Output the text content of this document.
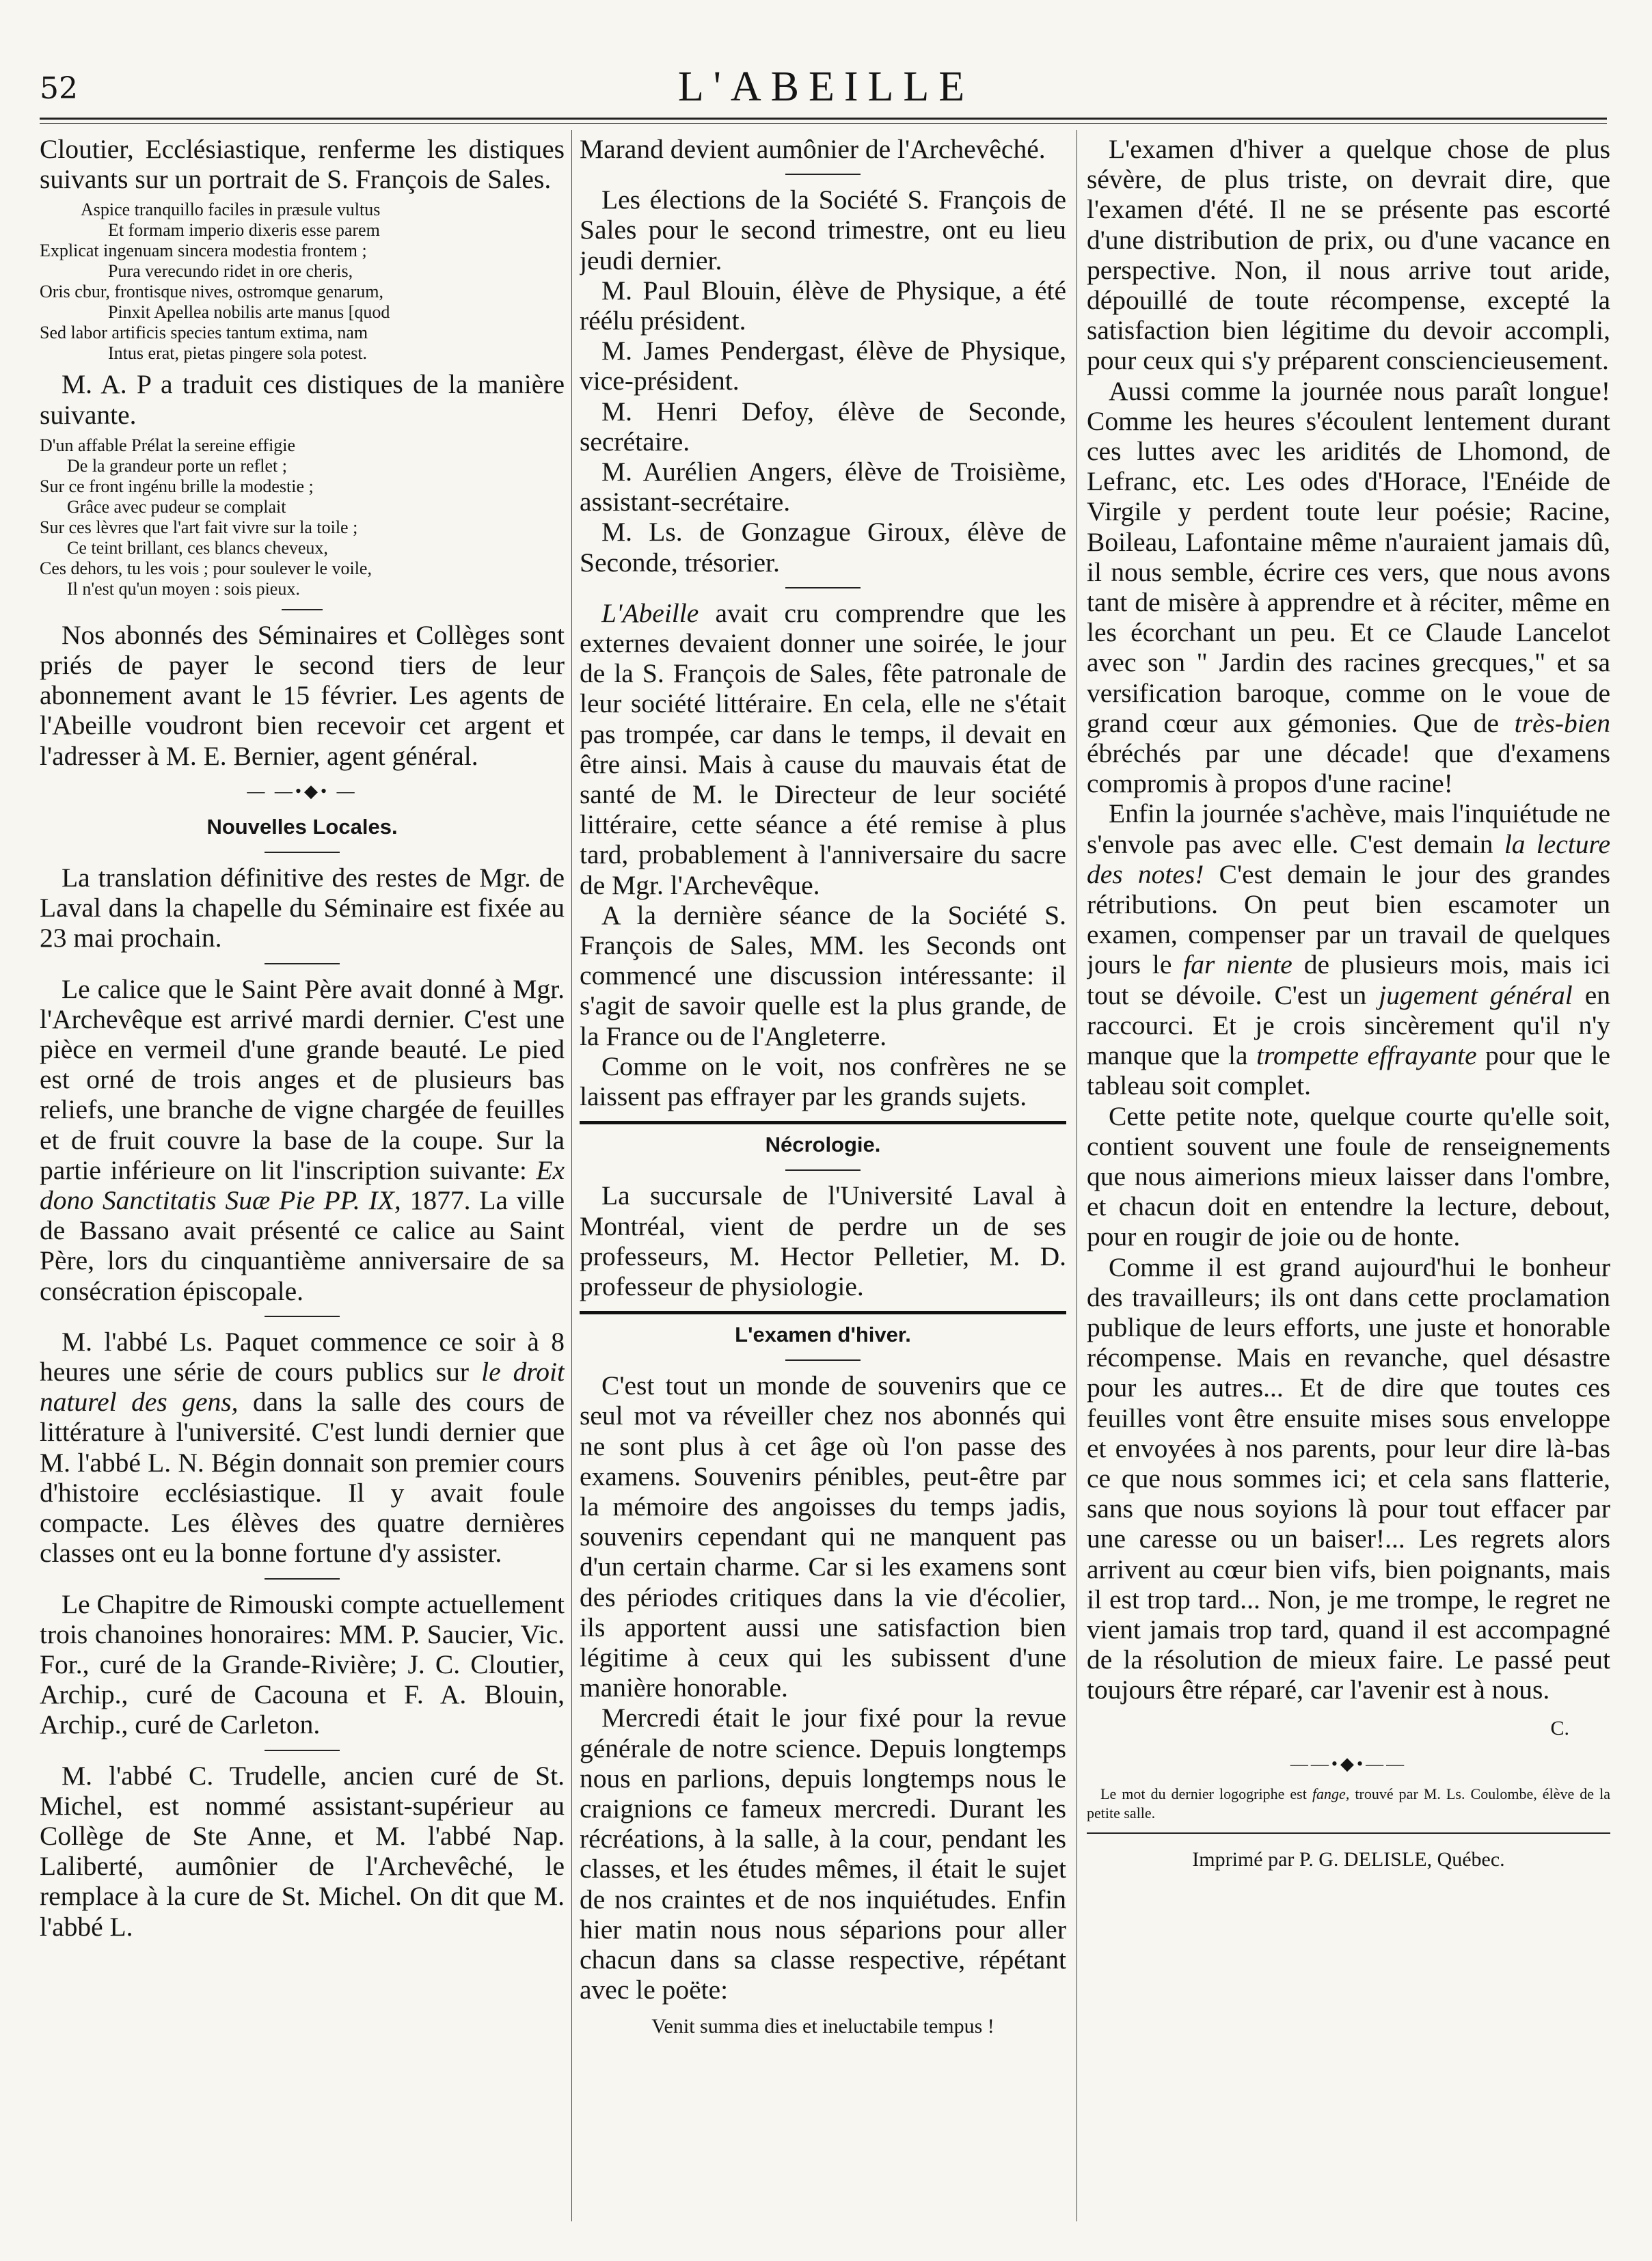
52	L'ABEILLE

Cloutier, Ecclésiastique, renferme les distiques suivants sur un portrait de S. François de Sales.

Aspice tranquillo faciles in præsule vultus
Et formam imperio dixeris esse parem
Explicat ingenuam sincera modestia frontem ;
Pura verecundo ridet in ore cheris,
Oris cbur, frontisque nives, ostromque genarum,
Pinxit Apellea nobilis arte manus [quod
Sed labor artificis species tantum extima, nam
Intus erat, pietas pingere sola potest.

M. A. P a traduit ces distiques de la manière suivante.

D'un affable Prélat la sereine effigie
De la grandeur porte un reflet ;
Sur ce front ingénu brille la modestie ;
Grâce avec pudeur se complait
Sur ces lèvres que l'art fait vivre sur la toile ;
Ce teint brillant, ces blancs cheveux,
Ces dehors, tu les vois ; pour soulever le voile,
Il n'est qu'un moyen : sois pieux.

Nos abonnés des Séminaires et Collèges sont priés de payer le second tiers de leur abonnement avant le 15 février. Les agents de l'Abeille voudront bien recevoir cet argent et l'adresser à M. E. Bernier, agent général.

— —•◆• —
Nouvelles Locales.

La translation définitive des restes de Mgr. de Laval dans la chapelle du Séminaire est fixée au 23 mai prochain.

Le calice que le Saint Père avait donné à Mgr. l'Archevêque est arrivé mardi dernier. C'est une pièce en vermeil d'une grande beauté. Le pied est orné de trois anges et de plusieurs bas reliefs, une branche de vigne chargée de feuilles et de fruit couvre la base de la coupe. Sur la partie inférieure on lit l'inscription suivante: Ex dono Sanctitatis Suæ Pie PP. IX, 1877. La ville de Bassano avait présenté ce calice au Saint Père, lors du cinquantième anniversaire de sa consécration épiscopale.

M. l'abbé Ls. Paquet commence ce soir à 8 heures une série de cours publics sur le droit naturel des gens, dans la salle des cours de littérature à l'université. C'est lundi dernier que M. l'abbé L. N. Bégin donnait son premier cours d'histoire ecclésiastique. Il y avait foule compacte. Les élèves des quatre dernières classes ont eu la bonne fortune d'y assister.

Le Chapitre de Rimouski compte actuellement trois chanoines honoraires: MM. P. Saucier, Vic. For., curé de la Grande-Rivière; J. C. Cloutier, Archip., curé de Cacouna et F. A. Blouin, Archip., curé de Carleton.

M. l'abbé C. Trudelle, ancien curé de St. Michel, est nommé assistant-supérieur au Collège de Ste Anne, et M. l'abbé Nap. Laliberté, aumônier de l'Archevêché, le remplace à la cure de St. Michel. On dit que M. l'abbé L.

Marand devient aumônier de l'Archevêché.

Les élections de la Société S. François de Sales pour le second trimestre, ont eu lieu jeudi dernier.

M. Paul Blouin, élève de Physique, a été réélu président.

M. James Pendergast, élève de Physique, vice-président.

M. Henri Defoy, élève de Seconde, secrétaire.

M. Aurélien Angers, élève de Troisième, assistant-secrétaire.

M. Ls. de Gonzague Giroux, élève de Seconde, trésorier.

L'Abeille avait cru comprendre que les externes devaient donner une soirée, le jour de la S. François de Sales, fête patronale de leur société littéraire. En cela, elle ne s'était pas trompée, car dans le temps, il devait en être ainsi. Mais à cause du mauvais état de santé de M. le Directeur de leur société littéraire, cette séance a été remise à plus tard, probablement à l'anniversaire du sacre de Mgr. l'Archevêque.

A la dernière séance de la Société S. François de Sales, MM. les Seconds ont commencé une discussion intéressante: il s'agit de savoir quelle est la plus grande, de la France ou de l'Angleterre.

Comme on le voit, nos confrères ne se laissent pas effrayer par les grands sujets.

Nécrologie.

La succursale de l'Université Laval à Montréal, vient de perdre un de ses professeurs, M. Hector Pelletier, M. D. professeur de physiologie.

L'examen d'hiver.

C'est tout un monde de souvenirs que ce seul mot va réveiller chez nos abonnés qui ne sont plus à cet âge où l'on passe des examens. Souvenirs pénibles, peut-être par la mémoire des angoisses du temps jadis, souvenirs cependant qui ne manquent pas d'un certain charme. Car si les examens sont des périodes critiques dans la vie d'écolier, ils apportent aussi une satisfaction bien légitime à ceux qui les subissent d'une manière honorable.

Mercredi était le jour fixé pour la revue générale de notre science. Depuis longtemps nous en parlions, depuis longtemps nous le craignions ce fameux mercredi. Durant les récréations, à la salle, à la cour, pendant les classes, et les études mêmes, il était le sujet de nos craintes et de nos inquiétudes. Enfin hier matin nous nous séparions pour aller chacun dans sa classe respective, répétant avec le poëte:

Venit summa dies et ineluctabile tempus !

L'examen d'hiver a quelque chose de plus sévère, de plus triste, on devrait dire, que l'examen d'été. Il ne se présente pas escorté d'une distribution de prix, ou d'une vacance en perspective. Non, il nous arrive tout aride, dépouillé de toute récompense, excepté la satisfaction bien légitime du devoir accompli, pour ceux qui s'y préparent consciencieusement.

Aussi comme la journée nous paraît longue! Comme les heures s'écoulent lentement durant ces luttes avec les aridités de Lhomond, de Lefranc, etc. Les odes d'Horace, l'Enéide de Virgile y perdent toute leur poésie; Racine, Boileau, Lafontaine même n'auraient jamais dû, il nous semble, écrire ces vers, que nous avons tant de misère à apprendre et à réciter, même en les écorchant un peu. Et ce Claude Lancelot avec son " Jardin des racines grecques," et sa versification baroque, comme on le voue de grand cœur aux gémonies. Que de très-bien ébréchés par une décade! que d'examens compromis à propos d'une racine!

Enfin la journée s'achève, mais l'inquiétude ne s'envole pas avec elle. C'est demain la lecture des notes! C'est demain le jour des grandes rétributions. On peut bien escamoter un examen, compenser par un travail de quelques jours le far niente de plusieurs mois, mais ici tout se dévoile. C'est un jugement général en raccourci. Et je crois sincèrement qu'il n'y manque que la trompette effrayante pour que le tableau soit complet.

Cette petite note, quelque courte qu'elle soit, contient souvent une foule de renseignements que nous aimerions mieux laisser dans l'ombre, et chacun doit en entendre la lecture, debout, pour en rougir de joie ou de honte.

Comme il est grand aujourd'hui le bonheur des travailleurs; ils ont dans cette proclamation publique de leurs efforts, une juste et honorable récompense. Mais en revanche, quel désastre pour les autres... Et de dire que toutes ces feuilles vont être ensuite mises sous enveloppe et envoyées à nos parents, pour leur dire là-bas ce que nous sommes ici; et cela sans flatterie, sans que nous soyions là pour tout effacer par une caresse ou un baiser!... Les regrets alors arrivent au cœur bien vifs, bien poignants, mais il est trop tard... Non, je me trompe, le regret ne vient jamais trop tard, quand il est accompagné de la résolution de mieux faire. Le passé peut toujours être réparé, car l'avenir est à nous.

C.

——•◆•——

Le mot du dernier logogriphe est fange, trouvé par M. Ls. Coulombe, élève de la petite salle.

Imprimé par P. G. DELISLE, Québec.
